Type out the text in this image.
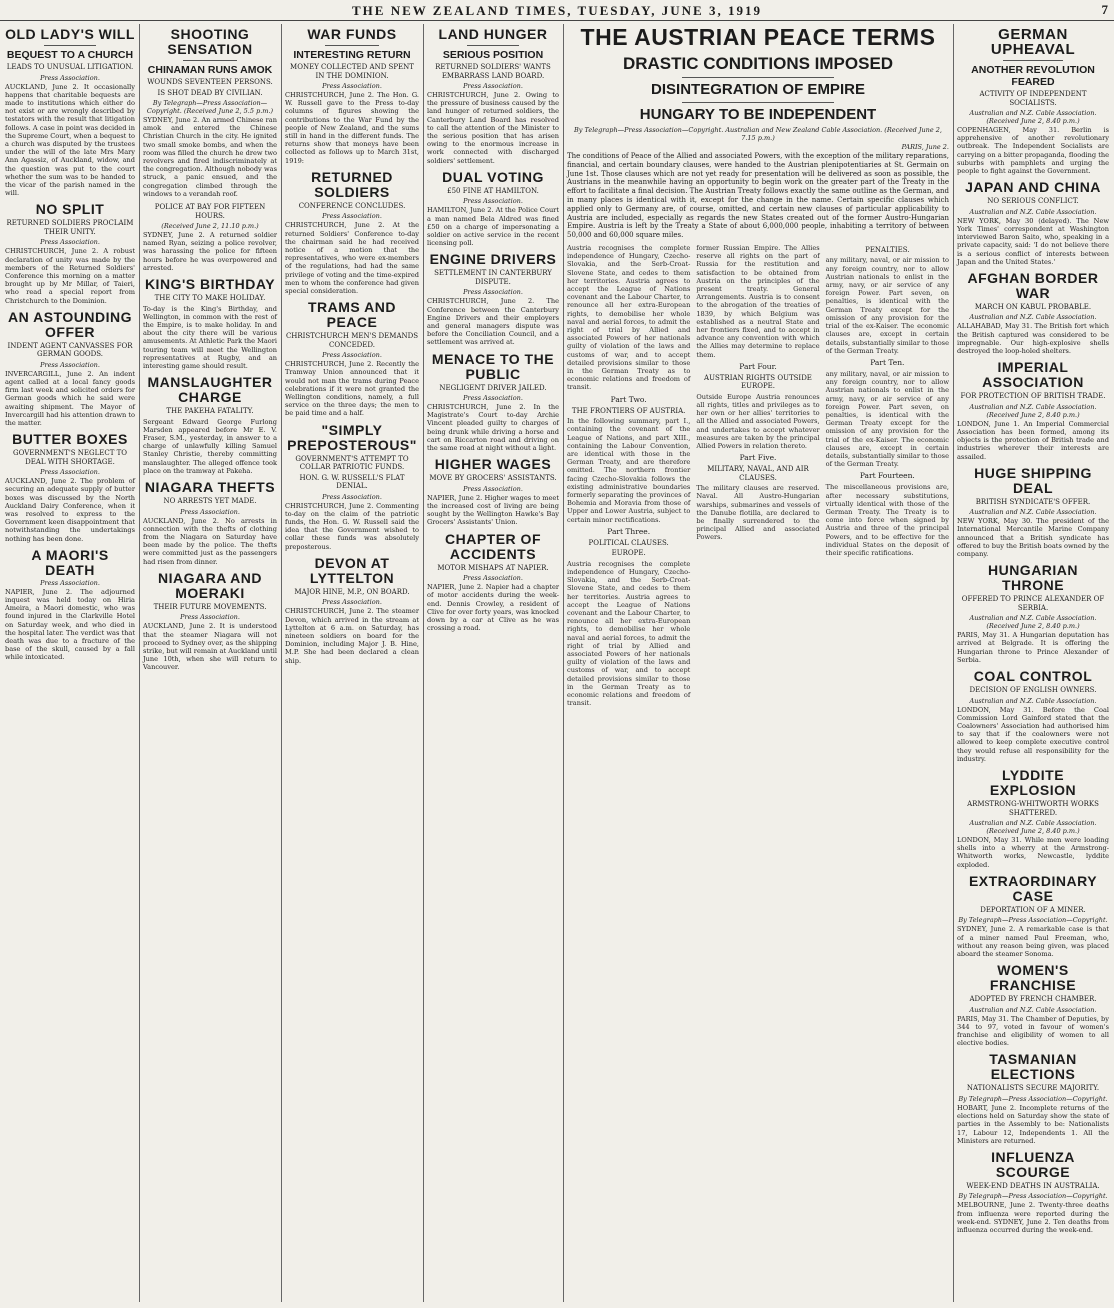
THE NEW ZEALAND TIMES, TUESDAY, JUNE 3, 1919	7
OLD LADY'S WILL
BEQUEST TO A CHURCH
LEADS TO UNUSUAL LITIGATION.
Press Association.

AUCKLAND, June 2. It occasionally happens that charitable bequests are made to institutions which either do not exist or are wrongly described by testators with the result that litigation follows. A case in point was decided in the Supreme Court, when a bequest to a church was disputed by the trustees under the will of the late Mrs Mary Ann Agassiz, of Auckland, widow, and the question was put to the court whether the sum was to be handed to the vicar of the parish named in the will.

NO SPLIT
RETURNED SOLDIERS PROCLAIM THEIR UNITY.
Press Association.

CHRISTCHURCH, June 2. A robust declaration of unity was made by the members of the Returned Soldiers' Conference this morning on a matter brought up by Mr Millar, of Taieri, who read a special report from Christchurch to the Dominion.

AN ASTOUNDING OFFER
INDENT AGENT CANVASSES FOR GERMAN GOODS.
Press Association.

INVERCARGILL, June 2. An indent agent called at a local fancy goods firm last week and solicited orders for German goods which he said were awaiting shipment. The Mayor of Invercargill had his attention drawn to the matter.

BUTTER BOXES
GOVERNMENT'S NEGLECT TO DEAL WITH SHORTAGE.
Press Association.

AUCKLAND, June 2. The problem of securing an adequate supply of butter boxes was discussed by the North Auckland Dairy Conference, when it was resolved to express to the Government keen disappointment that notwithstanding the undertakings nothing has been done.

A MAORI'S DEATH
Press Association.

NAPIER, June 2. The adjourned inquest was held today on Hiria Ameira, a Maori domestic, who was found injured in the Clarkville Hotel on Saturday week, and who died in the hospital later. The verdict was that death was due to a fracture of the base of the skull, caused by a fall while intoxicated.

SHOOTING SENSATION
CHINAMAN RUNS AMOK
WOUNDS SEVENTEEN PERSONS.
IS SHOT DEAD BY CIVILIAN.
By Telegraph—Press Association—Copyright. (Received June 2, 5.5 p.m.)

SYDNEY, June 2. An armed Chinese ran amok and entered the Chinese Christian Church in the city. He ignited two small smoke bombs, and when the room was filled the church he drew two revolvers and fired indiscriminately at the congregation. Although nobody was struck, a panic ensued, and the congregation climbed through the windows to a verandah roof.

POLICE AT BAY FOR FIFTEEN HOURS.
(Received June 2, 11.10 p.m.)

SYDNEY, June 2. A returned soldier named Ryan, seizing a police revolver, was harassing the police for fifteen hours before he was overpowered and arrested.

KING'S BIRTHDAY
THE CITY TO MAKE HOLIDAY.

To-day is the King's Birthday, and Wellington, in common with the rest of the Empire, is to make holiday. In and about the city there will be various amusements. At Athletic Park the Maori touring team will meet the Wellington representatives at Rugby, and an interesting game should result.

MANSLAUGHTER CHARGE
THE PAKEHA FATALITY.

Sergeant Edward George Furlong Marsden appeared before Mr E. V. Fraser, S.M., yesterday, in answer to a charge of unlawfully killing Samuel Stanley Christie, thereby committing manslaughter. The alleged offence took place on the tramway at Pakeha.

NIAGARA THEFTS
NO ARRESTS YET MADE.
Press Association.

AUCKLAND, June 2. No arrests in connection with the thefts of clothing from the Niagara on Saturday have been made by the police. The thefts were committed just as the passengers had risen from dinner.

NIAGARA AND MOERAKI
THEIR FUTURE MOVEMENTS.
Press Association.

AUCKLAND, June 2. It is understood that the steamer Niagara will not proceed to Sydney over, as the shipping strike, but will remain at Auckland until June 10th, when she will return to Vancouver.

WAR FUNDS
INTERESTING RETURN
MONEY COLLECTED AND SPENT IN THE DOMINION.
Press Association.

CHRISTCHURCH, June 2. The Hon. G. W. Russell gave to the Press to-day columns of figures showing the contributions to the War Fund by the people of New Zealand, and the sums still in hand in the different funds. The returns show that moneys have been collected as follows up to March 31st, 1919:

RETURNED SOLDIERS
CONFERENCE CONCLUDES.
Press Association.

CHRISTCHURCH, June 2. At the returned Soldiers' Conference to-day the chairman said he had received notice of a motion that the representatives, who were ex-members of the regulations, had had the same privilege of voting and the time-expired men to whom the conference had given special consideration.

TRAMS AND PEACE
CHRISTCHURCH MEN'S DEMANDS CONCEDED.
Press Association.

CHRISTCHURCH, June 2. Recently the Tramway Union announced that it would not man the trams during Peace celebrations if it were not granted the Wellington conditions, namely, a full service on the three days; the men to be paid time and a half.

"SIMPLY PREPOSTEROUS"
GOVERNMENT'S ATTEMPT TO COLLAR PATRIOTIC FUNDS.
HON. G. W. RUSSELL'S FLAT DENIAL.
Press Association.

CHRISTCHURCH, June 2. Commenting to-day on the claim of the patriotic funds, the Hon. G. W. Russell said the idea that the Government wished to collar these funds was absolutely preposterous.

DEVON AT LYTTELTON
MAJOR HINE, M.P., ON BOARD.
Press Association.

CHRISTCHURCH, June 2. The steamer Devon, which arrived in the stream at Lyttelton at 6 a.m. on Saturday, has nineteen soldiers on board for the Dominion, including Major J. B. Hine, M.P. She had been declared a clean ship.

LAND HUNGER
SERIOUS POSITION
RETURNED SOLDIERS' WANTS EMBARRASS LAND BOARD.
Press Association.

CHRISTCHURCH, June 2. Owing to the pressure of business caused by the land hunger of returned soldiers, the Canterbury Land Board has resolved to call the attention of the Minister to the serious position that has arisen owing to the enormous increase in work connected with discharged soldiers' settlement.

DUAL VOTING
£50 FINE AT HAMILTON.
Press Association.

HAMILTON, June 2. At the Police Court a man named Bela Aldred was fined £50 on a charge of impersonating a soldier on active service in the recent licensing poll.

ENGINE DRIVERS
SETTLEMENT IN CANTERBURY DISPUTE.
Press Association.

CHRISTCHURCH, June 2. The Conference between the Canterbury Engine Drivers and their employers and general managers dispute was before the Conciliation Council, and a settlement was arrived at.

MENACE TO THE PUBLIC
NEGLIGENT DRIVER JAILED.
Press Association.

CHRISTCHURCH, June 2. In the Magistrate's Court to-day Archie Vincent pleaded guilty to charges of being drunk while driving a horse and cart on Riccarton road and driving on the same road at night without a light.

HIGHER WAGES
MOVE BY GROCERS' ASSISTANTS.
Press Association.

NAPIER, June 2. Higher wages to meet the increased cost of living are being sought by the Wellington Hawke's Bay Grocers' Assistants' Union.

CHAPTER OF ACCIDENTS
MOTOR MISHAPS AT NAPIER.
Press Association.

NAPIER, June 2. Napier had a chapter of motor accidents during the week-end. Dennis Crowley, a resident of Clive for over forty years, was knocked down by a car at Clive as he was crossing a road.

THE AUSTRIAN PEACE TERMS
DRASTIC CONDITIONS IMPOSED
DISINTEGRATION OF EMPIRE
HUNGARY TO BE INDEPENDENT
By Telegraph—Press Association—Copyright. Australian and New Zealand Cable Association. (Received June 2, 7.15 p.m.)
PARIS, June 2.

The conditions of Peace of the Allied and associated Powers, with the exception of the military reparations, financial, and certain boundary clauses, were handed to the Austrian plenipotentiaries at St. Germain on June 1st. Those clauses which are not yet ready for presentation will be delivered as soon as possible, the Austrians in the meanwhile having an opportunity to begin work on the greater part of the Treaty in the effort to facilitate a final decision. The Austrian Treaty follows exactly the same outline as the German, and in many places is identical with it, except for the change in the name. Certain specific clauses which applied only to Germany are, of course, omitted, and certain new clauses of particular applicability to Austria are included, especially as regards the new States created out of the former Austro-Hungarian Empire. Austria is left by the Treaty a State of about 6,000,000 people, inhabiting a territory of between 50,000 and 60,000 square miles.

Austria recognises the complete independence of Hungary, Czecho-Slovakia, and the Serb-Croat-Slovene State, and cedes to them her territories. Austria agrees to accept the League of Nations covenant and the Labour Charter, to renounce all her extra-European rights, to demobilise her whole naval and aerial forces, to admit the right of trial by Allied and associated Powers of her nationals guilty of violation of the laws and customs of war, and to accept detailed provisions similar to those in the German Treaty as to economic relations and freedom of transit.

Part Two.
THE FRONTIERS OF AUSTRIA.

In the following summary, part I., containing the covenant of the League of Nations, and part XIII., containing the Labour Convention, are identical with those in the German Treaty, and are therefore omitted. The northern frontier facing Czecho-Slovakia follows the existing administrative boundaries formerly separating the provinces of Bohemia and Moravia from those of Upper and Lower Austria, subject to certain minor rectifications.

Part Three.
POLITICAL CLAUSES.
EUROPE.

Austria recognises the complete independence of Hungary, Czecho-Slovakia, and the Serb-Croat-Slovene State, and cedes to them her territories. Austria agrees to accept the League of Nations covenant and the Labour Charter, to renounce all her extra-European rights, to demobilise her whole naval and aerial forces, to admit the right of trial by Allied and associated Powers of her nationals guilty of violation of the laws and customs of war, and to accept detailed provisions similar to those in the German Treaty as to economic relations and freedom of transit.

former Russian Empire. The Allies reserve all rights on the part of Russia for the restitution and satisfaction to be obtained from Austria on the principles of the present treaty. General Arrangements. Austria is to consent to the abrogation of the treaties of 1839, by which Belgium was established as a neutral State and her frontiers fixed, and to accept in advance any convention with which the Allies may determine to replace them.

Part Four.
AUSTRIAN RIGHTS OUTSIDE EUROPE.

Outside Europe Austria renounces all rights, titles and privileges as to her own or her allies' territories to all the Allied and associated Powers, and undertakes to accept whatever measures are taken by the principal Allied Powers in relation thereto.

Part Five.
MILITARY, NAVAL, AND AIR CLAUSES.

The military clauses are reserved. Naval. All Austro-Hungarian warships, submarines and vessels of the Danube flotilla, are declared to be finally surrendered to the principal Allied and associated Powers.

PENALTIES.

any military, naval, or air mission to any foreign country, nor to allow Austrian nationals to enlist in the army, navy, or air service of any foreign Power. Part seven, on penalties, is identical with the German Treaty except for the omission of any provision for the trial of the ex-Kaiser. The economic clauses are, except in certain details, substantially similar to those of the German Treaty.

Part Ten.

any military, naval, or air mission to any foreign country, nor to allow Austrian nationals to enlist in the army, navy, or air service of any foreign Power. Part seven, on penalties, is identical with the German Treaty except for the omission of any provision for the trial of the ex-Kaiser. The economic clauses are, except in certain details, substantially similar to those of the German Treaty.

Part Fourteen.

The miscellaneous provisions are, after necessary substitutions, virtually identical with those of the German Treaty. The Treaty is to come into force when signed by Austria and three of the principal Powers, and to be effective for the individual States on the deposit of their specific ratifications.

GERMAN UPHEAVAL
ANOTHER REVOLUTION FEARED
ACTIVITY OF INDEPENDENT SOCIALISTS.
Australian and N.Z. Cable Association. (Received June 2, 8.40 p.m.)

COPENHAGEN, May 31. Berlin is apprehensive of another revolutionary outbreak. The Independent Socialists are carrying on a bitter propaganda, flooding the suburbs with pamphlets and urging the people to fight against the Government.

JAPAN AND CHINA
NO SERIOUS CONFLICT.
Australian and N.Z. Cable Association.

NEW YORK, May 30 (delayed). The New York Times' correspondent at Washington interviewed Baron Saito, who, speaking in a private capacity, said: 'I do not believe there is a serious conflict of interests between Japan and the United States.'

AFGHAN BORDER WAR
MARCH ON KABUL PROBABLE.
Australian and N.Z. Cable Association.

ALLAHABAD, May 31. The British fort which the British captured was considered to be impregnable. Our high-explosive shells destroyed the loop-holed shelters.

IMPERIAL ASSOCIATION
FOR PROTECTION OF BRITISH TRADE.
Australian and N.Z. Cable Association. (Received June 2, 8.40 p.m.)

LONDON, June 1. An Imperial Commercial Association has been formed, among its objects is the protection of British trade and industries wherever their interests are assailed.

HUGE SHIPPING DEAL
BRITISH SYNDICATE'S OFFER.
Australian and N.Z. Cable Association.

NEW YORK, May 30. The president of the International Mercantile Marine Company announced that a British syndicate has offered to buy the British boats owned by the company.

HUNGARIAN THRONE
OFFERED TO PRINCE ALEXANDER OF SERBIA.
Australian and N.Z. Cable Association. (Received June 2, 8.40 p.m.)

PARIS, May 31. A Hungarian deputation has arrived at Belgrade. It is offering the Hungarian throne to Prince Alexander of Serbia.

COAL CONTROL
DECISION OF ENGLISH OWNERS.
Australian and N.Z. Cable Association.

LONDON, May 31. Before the Coal Commission Lord Gainford stated that the Coalowners' Association had authorised him to say that if the coalowners were not allowed to keep complete executive control they would refuse all responsibility for the industry.

LYDDITE EXPLOSION
ARMSTRONG-WHITWORTH WORKS SHATTERED.
Australian and N.Z. Cable Association. (Received June 2, 8.40 p.m.)

LONDON, May 31. While men were loading shells into a wherry at the Armstrong-Whitworth works, Newcastle, lyddite exploded.

EXTRAORDINARY CASE
DEPORTATION OF A MINER.
By Telegraph—Press Association—Copyright.

SYDNEY, June 2. A remarkable case is that of a miner named Paul Freeman, who, without any reason being given, was placed aboard the steamer Sonoma.

WOMEN'S FRANCHISE
ADOPTED BY FRENCH CHAMBER.
Australian and N.Z. Cable Association.

PARIS, May 31. The Chamber of Deputies, by 344 to 97, voted in favour of women's franchise and eligibility of women to all elective bodies.

TASMANIAN ELECTIONS
NATIONALISTS SECURE MAJORITY.
By Telegraph—Press Association—Copyright.

HOBART, June 2. Incomplete returns of the elections held on Saturday show the state of parties in the Assembly to be: Nationalists 17, Labour 12, Independents 1. All the Ministers are returned.

INFLUENZA SCOURGE
WEEK-END DEATHS IN AUSTRALIA.
By Telegraph—Press Association—Copyright.

MELBOURNE, June 2. Twenty-three deaths from influenza were reported during the week-end. SYDNEY, June 2. Ten deaths from influenza occurred during the week-end.
